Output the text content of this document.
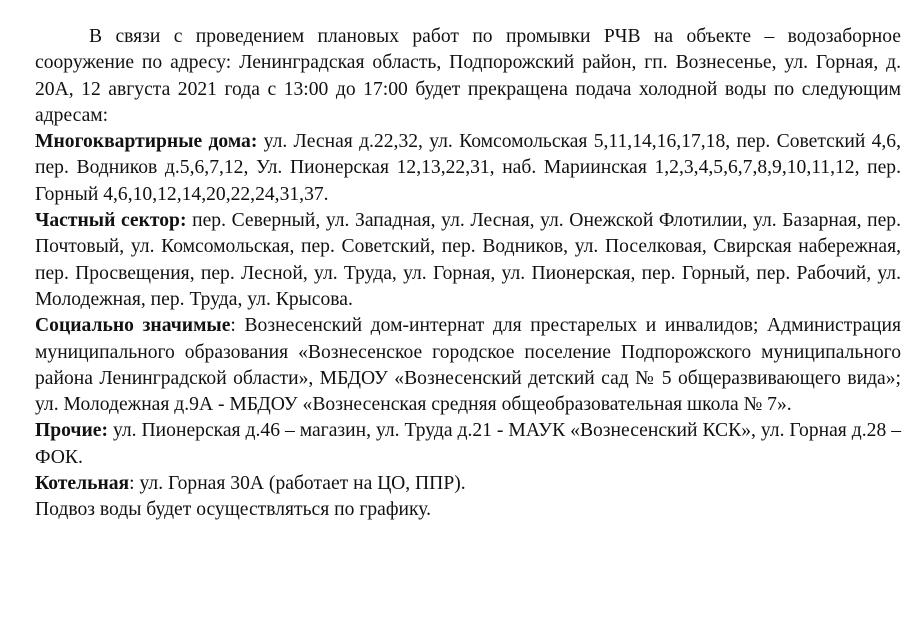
В связи с проведением плановых работ по промывки РЧВ на объекте – водозаборное сооружение по адресу: Ленинградская область, Подпорожский район, гп. Вознесенье, ул. Горная, д. 20А, 12 августа 2021 года с 13:00 до 17:00 будет прекращена подача холодной воды по следующим адресам:

Многоквартирные дома: ул. Лесная д.22,32, ул. Комсомольская 5,11,14,16,17,18, пер. Советский 4,6, пер. Водников д.5,6,7,12, Ул. Пионерская 12,13,22,31, наб. Мариинская 1,2,3,4,5,6,7,8,9,10,11,12, пер. Горный 4,6,10,12,14,20,22,24,31,37.

Частный сектор: пер. Северный, ул. Западная, ул. Лесная, ул. Онежской Флотилии, ул. Базарная, пер. Почтовый, ул. Комсомольская, пер. Советский, пер. Водников, ул. Поселковая, Свирская набережная, пер. Просвещения, пер. Лесной, ул. Труда, ул. Горная, ул. Пионерская, пер. Горный, пер. Рабочий, ул. Молодежная, пер. Труда, ул. Крысова.

Социально значимые: Вознесенский дом-интернат для престарелых и инвалидов; Администрация муниципального образования «Вознесенское городское поселение Подпорожского муниципального района Ленинградской области», МБДОУ «Вознесенский детский сад № 5 общеразвивающего вида»; ул. Молодежная д.9А - МБДОУ «Вознесенская средняя общеобразовательная школа № 7».

Прочие: ул. Пионерская д.46 – магазин, ул. Труда д.21 - МАУК «Вознесенский КСК», ул. Горная д.28 – ФОК.

Котельная: ул. Горная 30А (работает на ЦО, ППР).

Подвоз воды будет осуществляться по графику.
